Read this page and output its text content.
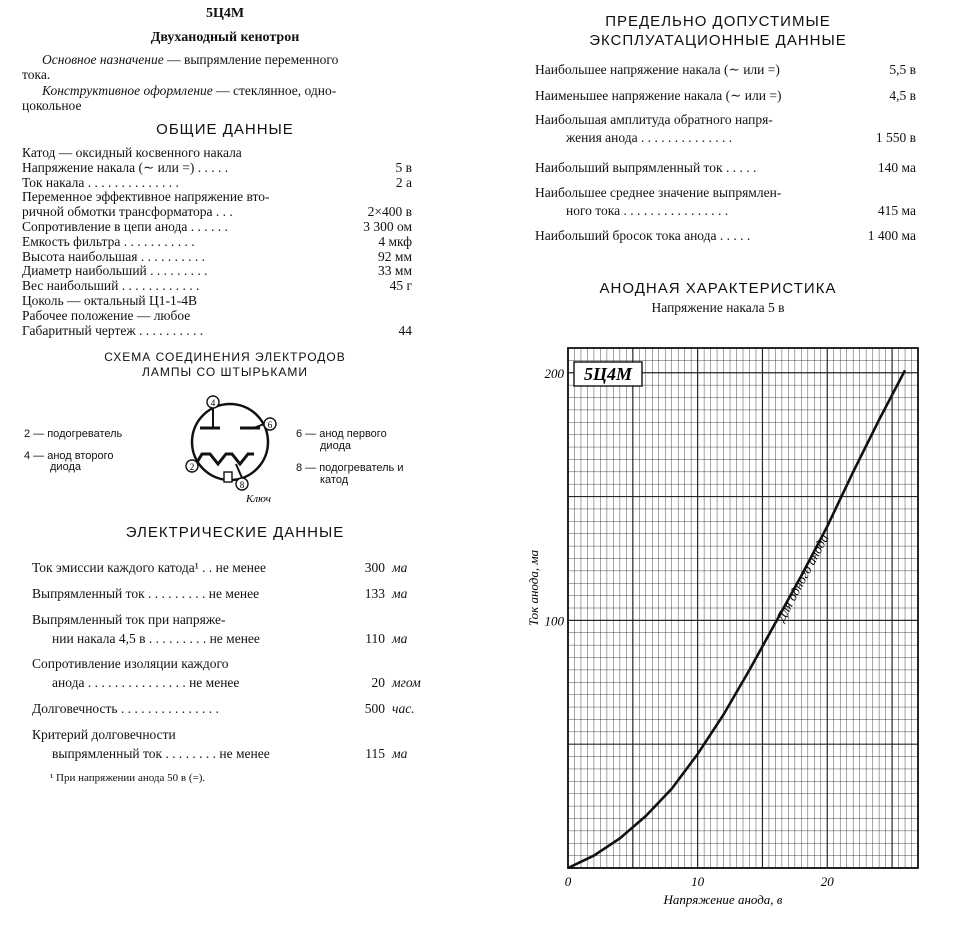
5Ц4М
Двуханодный кенотрон
Основное назначение — выпрямление переменного
тока.
Конструктивное оформление — стеклянное, одно-
цокольное
ОБЩИЕ ДАННЫЕ
Катод — оксидный косвенного накала
Напряжение накала (∼ или =) . . . . .	5 в
Ток накала . . . . . . . . . . . . . .	2 а
Переменное эффективное напряжение вто-
ричной обмотки трансформатора . . .	2×400 в
Сопротивление в цепи анода . . . . . .	3 300 ом
Емкость фильтра . . . . . . . . . . .	4 мкф
Высота наибольшая . . . . . . . . . .	92 мм
Диаметр наибольший . . . . . . . . .	33 мм
Вес наибольший . . . . . . . . . . . .	45 г
Цоколь — октальный Ц1-1-4В
Рабочее положение — любое
Габаритный чертеж . . . . . . . . . .	44
СХЕМА СОЕДИНЕНИЯ ЭЛЕКТРОДОВ
ЛАМПЫ СО ШТЫРЬКАМИ
2 — подогреватель
4 — анод второго
диода
6 — анод первого
диода
8 — подогреватель и
катод
4
6
2
8
Ключ
ЭЛЕКТРИЧЕСКИЕ ДАННЫЕ
Ток эмиссии каждого катода¹ . . не менее	300 ма
Выпрямленный ток . . . . . . . . . не менее	133 ма
Выпрямленный ток при напряже-
нии накала 4,5 в . . . . . . . . . не менее	110 ма
Сопротивление изоляции каждого
анода . . . . . . . . . . . . . . . не менее	20 мгом
Долговечность . . . . . . . . . . . . . . .	500 час.
Критерий долговечности
выпрямленный ток . . . . . . . . не менее	115 ма
¹ При напряжении анода 50 в (=).
ПРЕДЕЛЬНО ДОПУСТИМЫЕ
ЭКСПЛУАТАЦИОННЫЕ ДАННЫЕ
Наибольшее напряжение накала (∼ или =)	5,5 в
Наименьшее напряжение накала (∼ или =)	4,5 в
Наибольшая амплитуда обратного напря-
жения анода . . . . . . . . . . . . . .	1 550 в
Наибольший выпрямленный ток . . . . .	140 ма
Наибольшее среднее значение выпрямлен-
ного тока . . . . . . . . . . . . . . . .	415 ма
Наибольший бросок тока анода . . . . .	1 400 ма
АНОДНАЯ ХАРАКТЕРИСТИКА
Напряжение накала 5 в
5Ц4М
100
200
0	10	20
Напряжение анода, в
Ток анода, ма	Для одного анода
